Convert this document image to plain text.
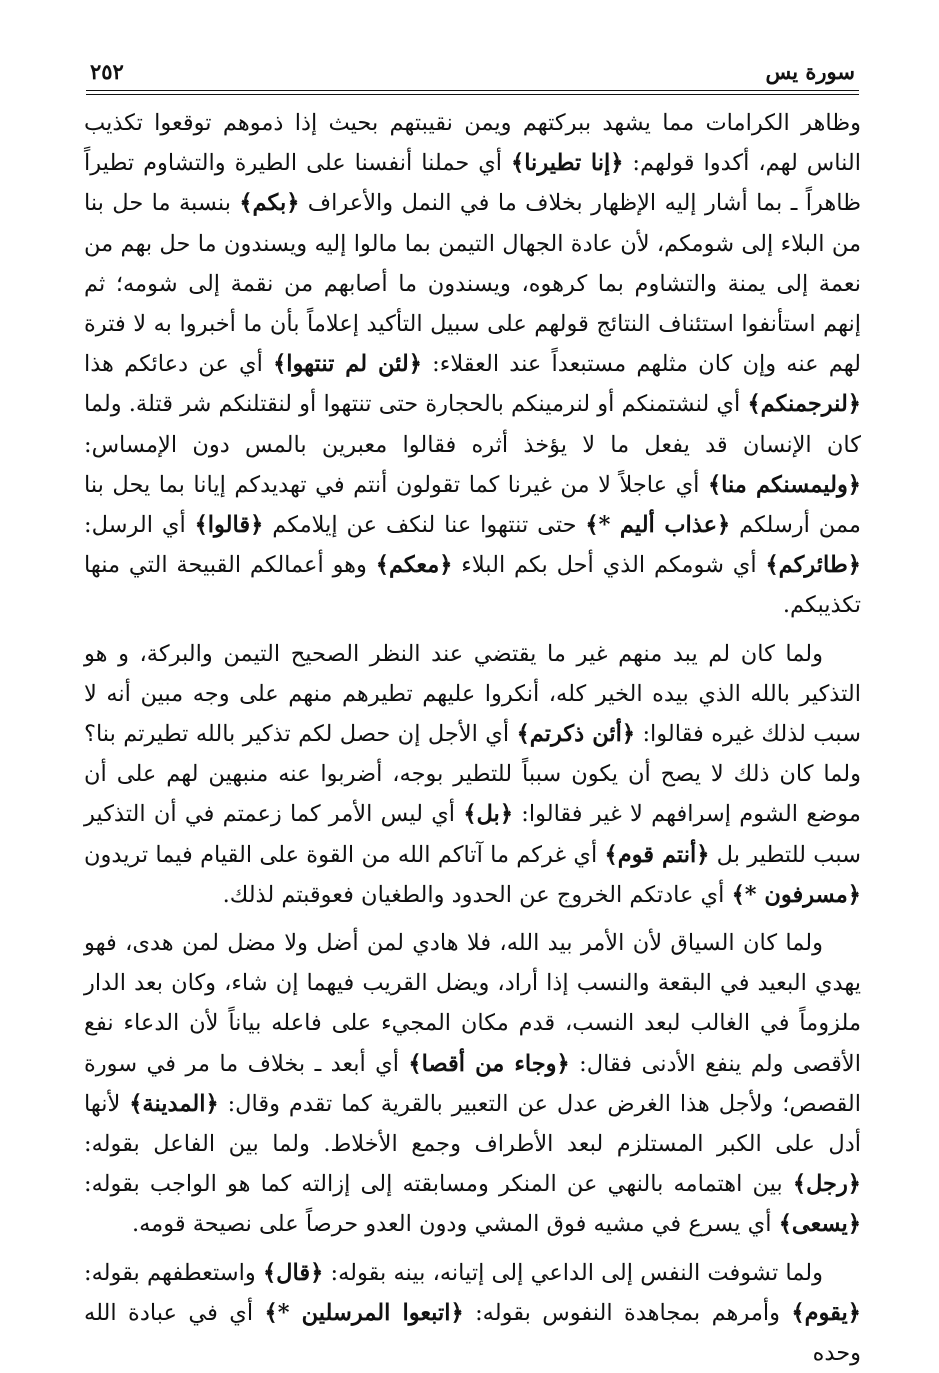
سورة يس
٢٥٢

وظاهر الكرامات مما يشهد ببركتهم ويمن نقيبتهم بحيث إذا ذموهم توقعوا تكذيب الناس لهم، أكدوا قولهم: ﴿إنا تطيرنا﴾ أي حملنا أنفسنا على الطيرة والتشاوم تطيراً ظاهراً ـ بما أشار إليه الإظهار بخلاف ما في النمل والأعراف ﴿بكم﴾ بنسبة ما حل بنا من البلاء إلى شومكم، لأن عادة الجهال التيمن بما مالوا إليه ويسندون ما حل بهم من نعمة إلى يمنة والتشاوم بما كرهوه، ويسندون ما أصابهم من نقمة إلى شومه؛ ثم إنهم استأنفوا استئناف النتائج قولهم على سبيل التأكيد إعلاماً بأن ما أخبروا به لا فترة لهم عنه وإن كان مثلهم مستبعداً عند العقلاء: ﴿لئن لم تنتهوا﴾ أي عن دعائكم هذا ﴿لنرجمنكم﴾ أي لنشتمنكم أو لنرمينكم بالحجارة حتى تنتهوا أو لنقتلنكم شر قتلة. ولما كان الإنسان قد يفعل ما لا يؤخذ أثره فقالوا معبرين بالمس دون الإمساس: ﴿وليمسنكم منا﴾ أي عاجلاً لا من غيرنا كما تقولون أنتم في تهديدكم إيانا بما يحل بنا ممن أرسلكم ﴿عذاب أليم *﴾ حتى تنتهوا عنا لنكف عن إيلامكم ﴿قالوا﴾ أي الرسل: ﴿طائركم﴾ أي شومكم الذي أحل بكم البلاء ﴿معكم﴾ وهو أعمالكم القبيحة التي منها تكذيبكم.

ولما كان لم يبد منهم غير ما يقتضي عند النظر الصحيح التيمن والبركة، و هو التذكير بالله الذي بيده الخير كله، أنكروا عليهم تطيرهم منهم على وجه مبين أنه لا سبب لذلك غيره فقالوا: ﴿أئن ذكرتم﴾ أي الأجل إن حصل لكم تذكير بالله تطيرتم بنا؟ ولما كان ذلك لا يصح أن يكون سبباً للتطير بوجه، أضربوا عنه منبهين لهم على أن موضع الشوم إسرافهم لا غير فقالوا: ﴿بل﴾ أي ليس الأمر كما زعمتم في أن التذكير سبب للتطير بل ﴿أنتم قوم﴾ أي غركم ما آتاكم الله من القوة على القيام فيما تريدون ﴿مسرفون *﴾ أي عادتكم الخروج عن الحدود والطغيان فعوقبتم لذلك.

ولما كان السياق لأن الأمر بيد الله، فلا هادي لمن أضل ولا مضل لمن هدى، فهو يهدي البعيد في البقعة والنسب إذا أراد، ويضل القريب فيهما إن شاء، وكان بعد الدار ملزوماً في الغالب لبعد النسب، قدم مكان المجيء على فاعله بياناً لأن الدعاء نفع الأقصى ولم ينفع الأدنى فقال: ﴿وجاء من أقصا﴾ أي أبعد ـ بخلاف ما مر في سورة القصص؛ ولأجل هذا الغرض عدل عن التعبير بالقرية كما تقدم وقال: ﴿المدينة﴾ لأنها أدل على الكبر المستلزم لبعد الأطراف وجمع الأخلاط. ولما بين الفاعل بقوله: ﴿رجل﴾ بين اهتمامه بالنهي عن المنكر ومسابقته إلى إزالته كما هو الواجب بقوله: ﴿يسعى﴾ أي يسرع في مشيه فوق المشي ودون العدو حرصاً على نصيحة قومه.

ولما تشوفت النفس إلى الداعي إلى إتيانه، بينه بقوله: ﴿قال﴾ واستعطفهم بقوله: ﴿يقوم﴾ وأمرهم بمجاهدة النفوس بقوله: ﴿اتبعوا المرسلين *﴾ أي في عبادة الله وحده
